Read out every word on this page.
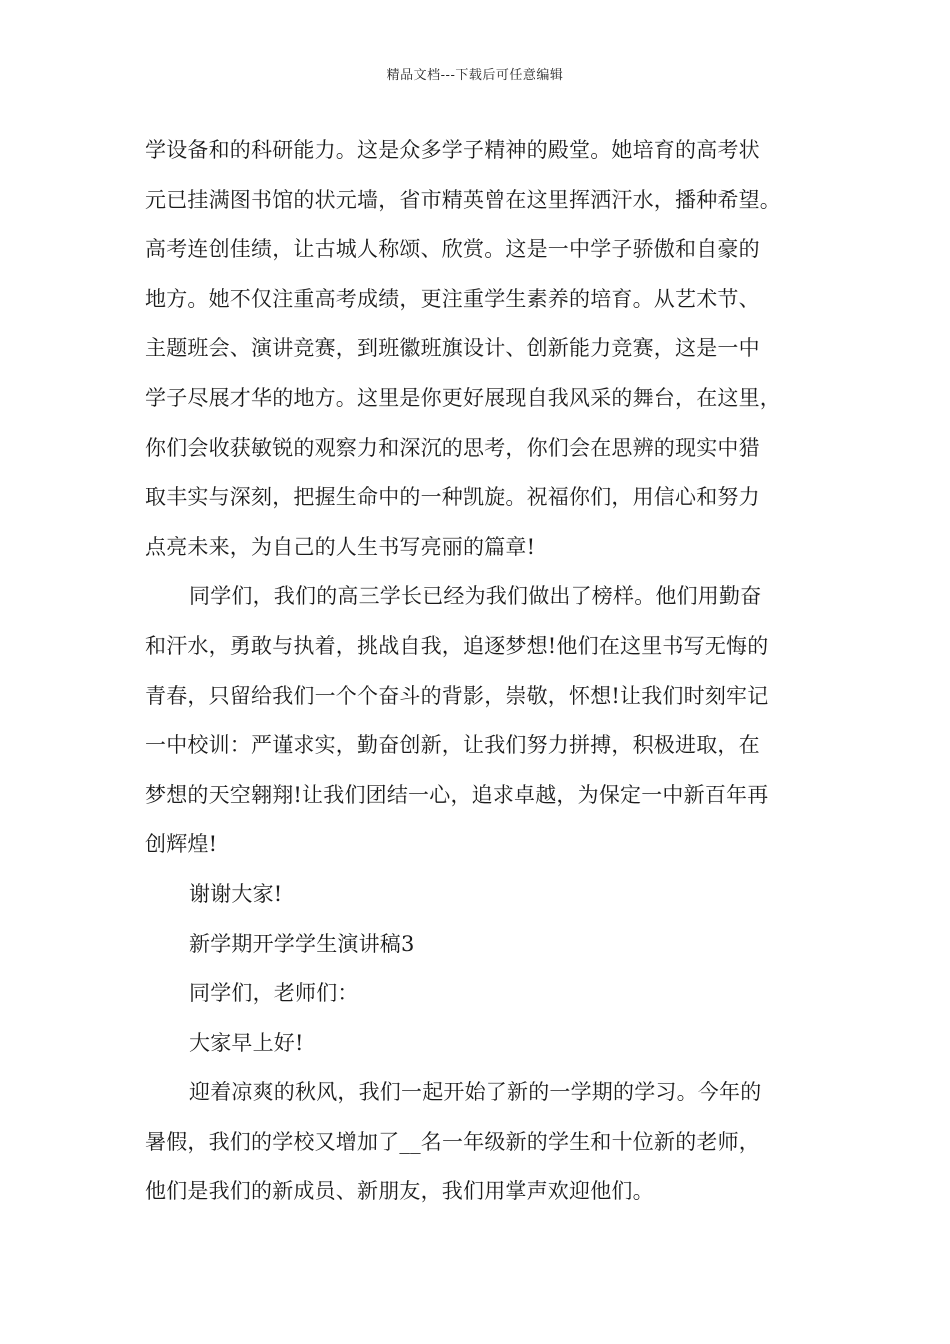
精品文档---下载后可任意编辑
学设备和的科研能力。这是众多学子精神的殿堂。她培育的高考状
元已挂满图书馆的状元墙，省市精英曾在这里挥洒汗水，播种希望。
高考连创佳绩，让古城人称颂、欣赏。这是一中学子骄傲和自豪的
地方。她不仅注重高考成绩，更注重学生素养的培育。从艺术节、
主题班会、演讲竞赛，到班徽班旗设计、创新能力竞赛，这是一中
学子尽展才华的地方。这里是你更好展现自我风采的舞台，在这里，
你们会收获敏锐的观察力和深沉的思考，你们会在思辨的现实中猎
取丰实与深刻，把握生命中的一种凯旋。祝福你们，用信心和努力
点亮未来，为自己的人生书写亮丽的篇章!
同学们，我们的高三学长已经为我们做出了榜样。他们用勤奋
和汗水，勇敢与执着，挑战自我，追逐梦想!他们在这里书写无悔的
青春，只留给我们一个个奋斗的背影，崇敬，怀想!让我们时刻牢记
一中校训：严谨求实，勤奋创新，让我们努力拼搏，积极进取，在
梦想的天空翱翔!让我们团结一心，追求卓越，为保定一中新百年再
创辉煌!
谢谢大家!
新学期开学学生演讲稿3
同学们，老师们：
大家早上好!
迎着凉爽的秋风，我们一起开始了新的一学期的学习。今年的
暑假，我们的学校又增加了__名一年级新的学生和十位新的老师，
他们是我们的新成员、新朋友，我们用掌声欢迎他们。
